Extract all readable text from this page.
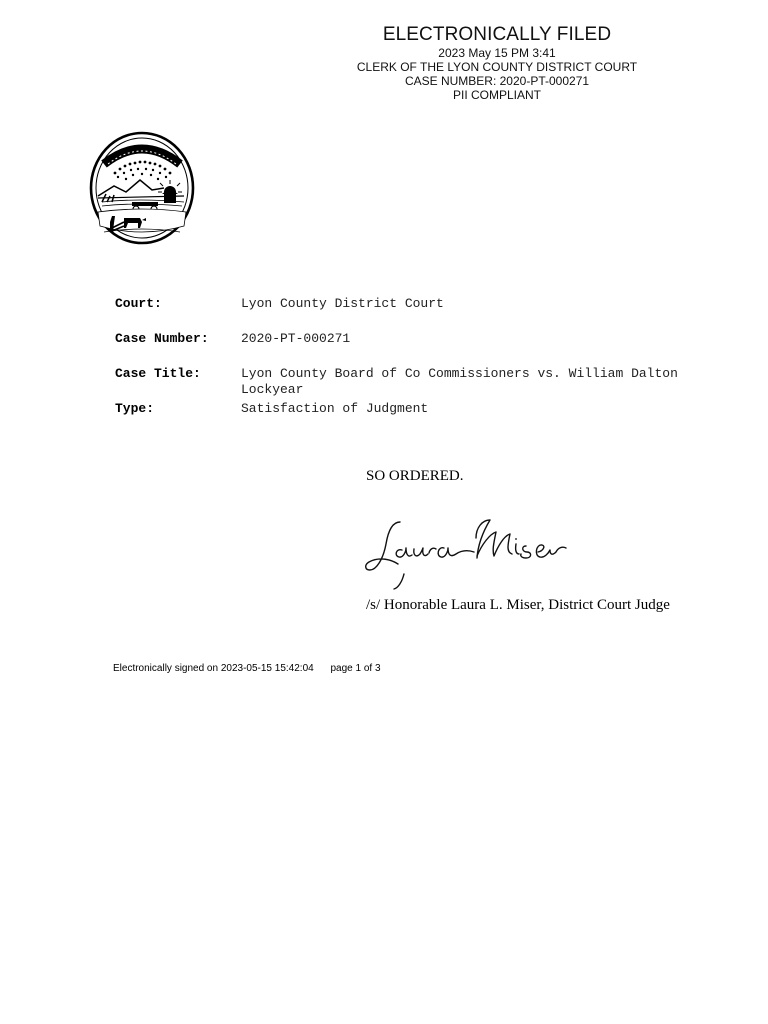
ELECTRONICALLY FILED
2023 May 15 PM 3:41
CLERK OF THE LYON COUNTY DISTRICT COURT
CASE NUMBER: 2020-PT-000271
PII COMPLIANT
Court:	Lyon County District Court
Case Number:	2020-PT-000271
Case Title:	Lyon County Board of Co Commissioners vs. William Dalton Lockyear
Type:	Satisfaction of Judgment
SO ORDERED.
/s/ Honorable Laura L. Miser, District Court Judge
Electronically signed on 2023-05-15 15:42:04 page 1 of 3
